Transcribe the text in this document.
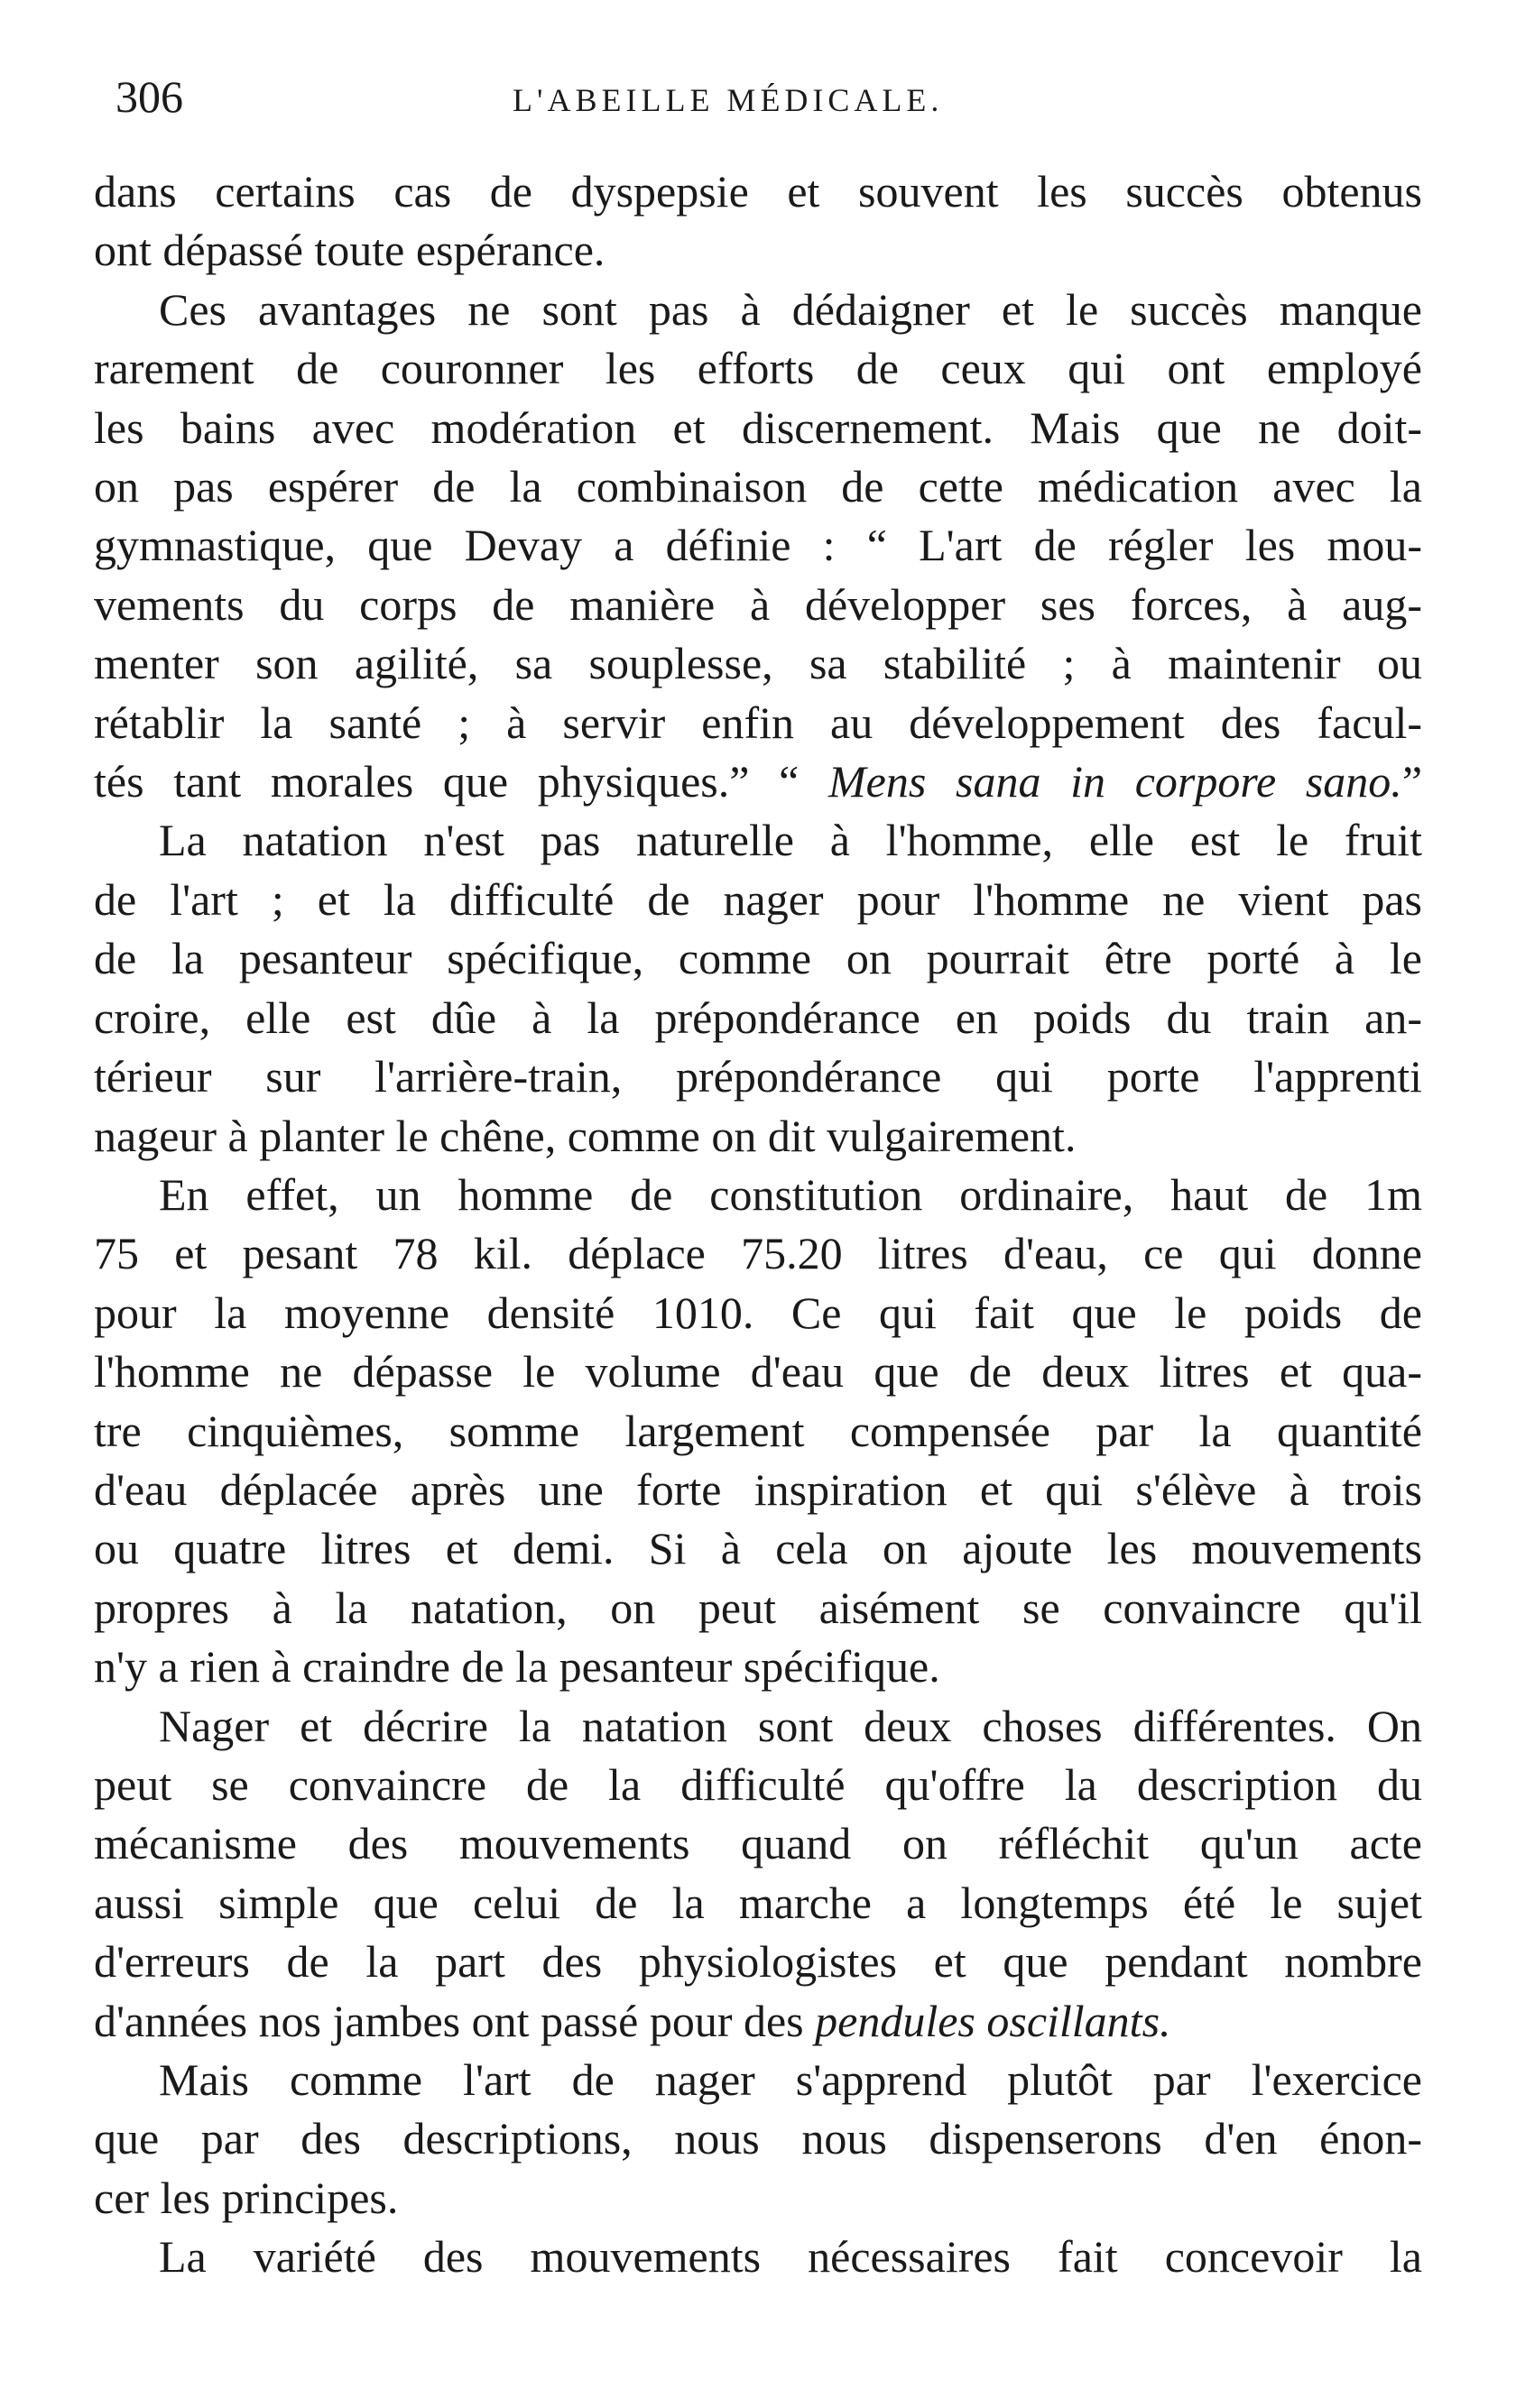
306	L'ABEILLE MÉDICALE.

dans certains cas de dyspepsie et souvent les succès obtenus
ont dépassé toute espérance.

Ces avantages ne sont pas à dédaigner et le succès manque
rarement de couronner les efforts de ceux qui ont employé
les bains avec modération et discernement. Mais que ne doit-
on pas espérer de la combinaison de cette médication avec la
gymnastique, que Devay a définie : “ L'art de régler les mou-
vements du corps de manière à développer ses forces, à aug-
menter son agilité, sa souplesse, sa stabilité ; à maintenir ou
rétablir la santé ; à servir enfin au développement des facul-
tés tant morales que physiques.” “ Mens sana in corpore sano.”

La natation n'est pas naturelle à l'homme, elle est le fruit
de l'art ; et la difficulté de nager pour l'homme ne vient pas
de la pesanteur spécifique, comme on pourrait être porté à le
croire, elle est dûe à la prépondérance en poids du train an-
térieur sur l'arrière-train, prépondérance qui porte l'apprenti
nageur à planter le chêne, comme on dit vulgairement.

En effet, un homme de constitution ordinaire, haut de 1m
75 et pesant 78 kil. déplace 75.20 litres d'eau, ce qui donne
pour la moyenne densité 1010. Ce qui fait que le poids de
l'homme ne dépasse le volume d'eau que de deux litres et qua-
tre cinquièmes, somme largement compensée par la quantité
d'eau déplacée après une forte inspiration et qui s'élève à trois
ou quatre litres et demi. Si à cela on ajoute les mouvements
propres à la natation, on peut aisément se convaincre qu'il
n'y a rien à craindre de la pesanteur spécifique.

Nager et décrire la natation sont deux choses différentes. On
peut se convaincre de la difficulté qu'offre la description du
mécanisme des mouvements quand on réfléchit qu'un acte
aussi simple que celui de la marche a longtemps été le sujet
d'erreurs de la part des physiologistes et que pendant nombre
d'années nos jambes ont passé pour des pendules oscillants.

Mais comme l'art de nager s'apprend plutôt par l'exercice
que par des descriptions, nous nous dispenserons d'en énon-
cer les principes.

La variété des mouvements nécessaires fait concevoir la
